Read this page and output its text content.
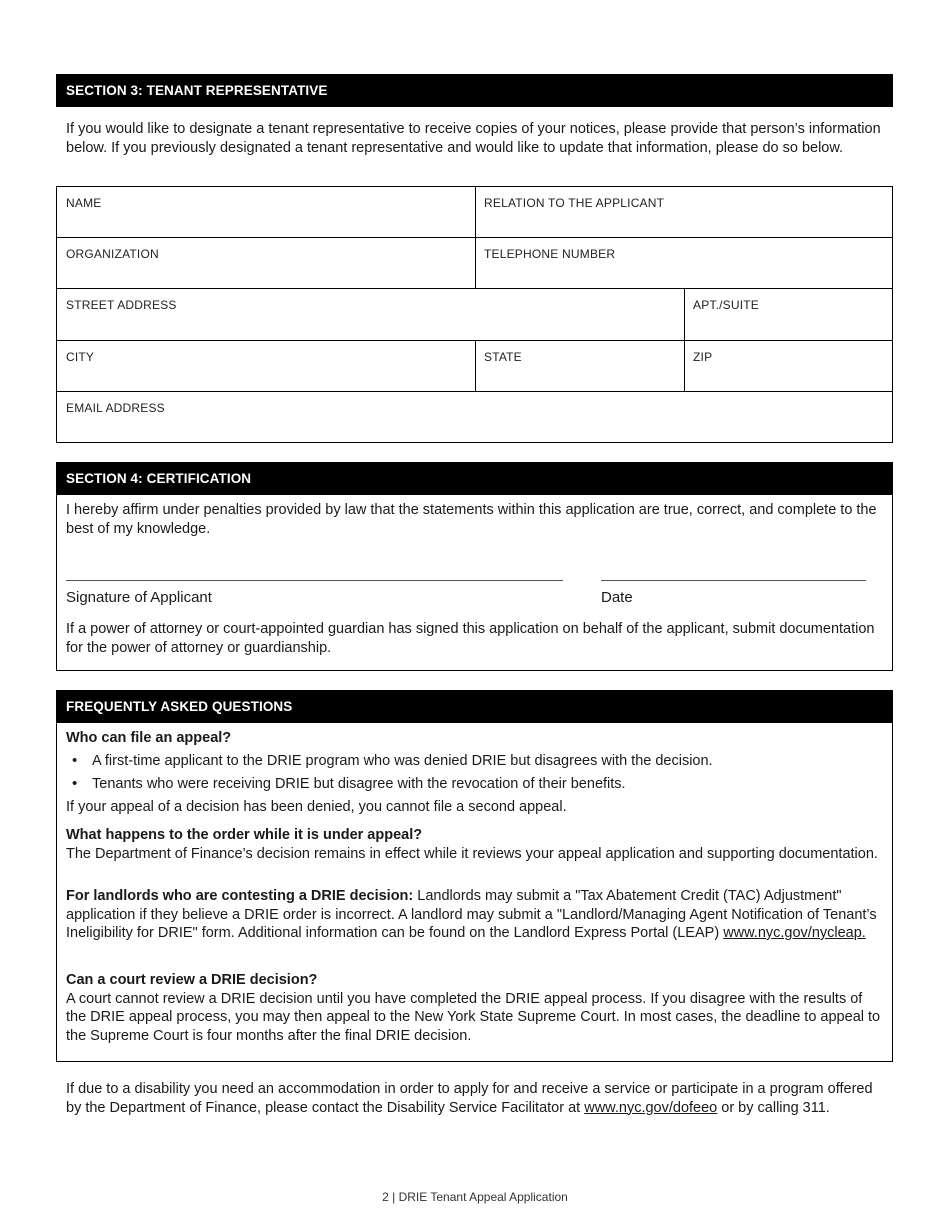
SECTION 3: TENANT REPRESENTATIVE
If you would like to designate a tenant representative to receive copies of your notices, please provide that person’s information below. If you previously designated a tenant representative and would like to update that information, please do so below.
NAME	RELATION TO THE APPLICANT
ORGANIZATION	TELEPHONE NUMBER
STREET ADDRESS	APT./SUITE
CITY	STATE	ZIP
EMAIL ADDRESS
SECTION 4: CERTIFICATION
I hereby affirm under penalties provided by law that the statements within this application are true, correct, and complete to the best of my knowledge.
Signature of Applicant	Date
If a power of attorney or court-appointed guardian has signed this application on behalf of the applicant, submit documentation for the power of attorney or guardianship.
FREQUENTLY ASKED QUESTIONS
Who can file an appeal?
• A first-time applicant to the DRIE program who was denied DRIE but disagrees with the decision.
• Tenants who were receiving DRIE but disagree with the revocation of their benefits.
If your appeal of a decision has been denied, you cannot file a second appeal.
What happens to the order while it is under appeal?
The Department of Finance’s decision remains in effect while it reviews your appeal application and supporting documentation.
For landlords who are contesting a DRIE decision: Landlords may submit a "Tax Abatement Credit (TAC) Adjustment" application if they believe a DRIE order is incorrect. A landlord may submit a "Landlord/Managing Agent Notification of Tenant’s Ineligibility for DRIE" form. Additional information can be found on the Landlord Express Portal (LEAP) www.nyc.gov/nycleap.
Can a court review a DRIE decision?
A court cannot review a DRIE decision until you have completed the DRIE appeal process. If you disagree with the results of the DRIE appeal process, you may then appeal to the New York State Supreme Court. In most cases, the deadline to appeal to the Supreme Court is four months after the final DRIE decision.
If due to a disability you need an accommodation in order to apply for and receive a service or participate in a program offered by the Department of Finance, please contact the Disability Service Facilitator at www.nyc.gov/dofeeo or by calling 311.
2 | DRIE Tenant Appeal Application
